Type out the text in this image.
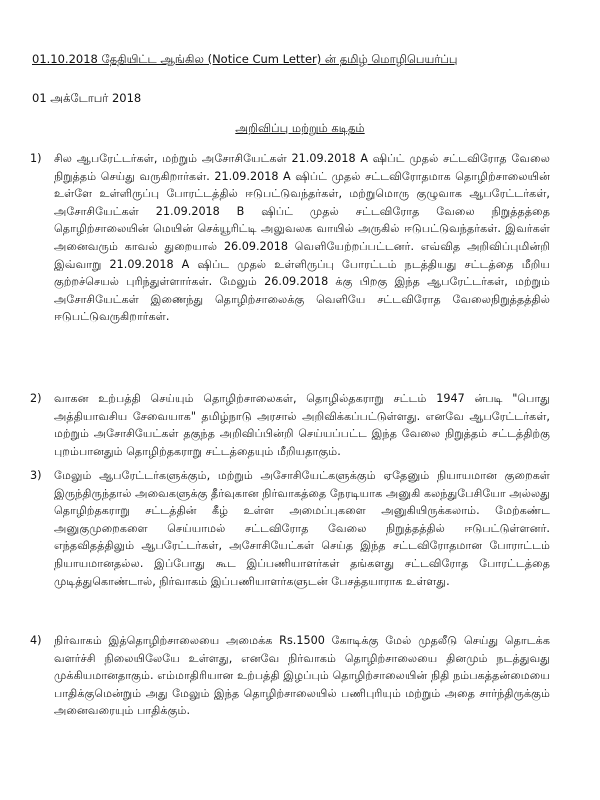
01.10.2018 தேதியிட்ட ஆங்கில (Notice Cum Letter) ன் தமிழ் மொழிபெயர்ப்பு
01 அக்டோபர் 2018
அறிவிப்பு மற்றும் கடிதம்
1) சில ஆபரேட்டர்கள், மற்றும் அசோசியேட்கள் 21.09.2018 A ஷிப்ட் முதல் சட்டவிரோத வேலை நிறுத்தம் செய்து வருகிறார்கள். 21.09.2018 A ஷிப்ட் முதல் சட்டவிரோதமாக தொழிற்சாலையின் உள்ளே உள்ளிருப்பு போரட்டத்தில் ஈடுபட்டுவந்தர்கள், மற்றுமொரு குழுவாக ஆபரேட்டர்கள், அசோசியேட்கள் 21.09.2018 B ஷிப்ட் முதல் சட்டவிரோத வேலை நிறுத்தத்தை தொழிற்சாலையின் மெயின் செக்யூரிட்டி அலுவலக வாயில் அருகில் ஈடுபட்டுவந்தர்கள். இவர்கள் அனைவரும் காவல் துறையால் 26.09.2018 வெளியேற்றப்பட்டனர். எவ்வித அறிவிப்புமின்றி இவ்வாறு 21.09.2018 A ஷிப்ட முதல் உள்ளிருப்பு போரட்டம் நடத்தியது சட்டத்தை மீறிய குற்றச்செயல் புரிந்துள்ளார்கள். மேலும் 26.09.2018 க்கு பிறகு இந்த ஆபரேட்டர்கள், மற்றும் அசோசியேட்கள் இணைந்து தொழிற்சாலைக்கு வெளியே சட்டவிரோத வேலைநிறுத்தத்தில் ஈடுபட்டுவருகிறார்கள்.
2) வாகன உற்பத்தி செய்யும் தொழிற்சாலைகள், தொழில்தகராறு சட்டம் 1947 ன்படி "பொது அத்தியாவசிய சேவையாக" தமிழ்நாடு அரசால் அறிவிக்கப்பட்டுள்ளது. எனவே ஆபரேட்டர்கள், மற்றும் அசோசியேட்கள் தகுந்த அறிவிப்பின்றி செய்யப்பட்ட இந்த வேலை நிறுத்தம் சட்டத்திற்கு புறம்பானதும் தொழிற்தகராறு சட்டத்தையும் மீறியதாகும்.
3) மேலும் ஆபரேட்டர்களுக்கும், மற்றும் அசோசியேட்களுக்கும் ஏதேனும் நியாயமான குறைகள் இருந்திருந்தால் அவைகளுக்கு தீர்வுகான நிர்வாகத்தை நேரடியாக அனுகி கலந்துபேசியோ அல்லது தொழிற்தகராறு சட்டத்தின் கீழ் உள்ள அமைப்புகளை அனுகியிருக்கலாம். மேற்கண்ட அனுகுமுறைகளை செய்யாமல் சட்டவிரோத வேலை நிறுத்தத்தில் ஈடுபட்டுள்ளனர். எந்தவிதத்திலும் ஆபரேட்டர்கள், அசோசியேட்கள் செய்த இந்த சட்டவிரோதமான போராட்டம் நியாயமானதல்ல. இப்போது கூட இப்பணியாளர்கள் தங்களது சட்டவிரோத போரட்டத்தை முடித்துகொண்டால், நிர்வாகம் இப்பணியாளர்களுடன் பேசத்தயாராக உள்ளது.
4) நிர்வாகம் இத்தொழிற்சாலையை அமைக்க Rs.1500 கோடிக்கு மேல் முதலீடு செய்து தொடக்க வளர்ச்சி நிலையிலேயே உள்ளது, எனவே நிர்வாகம் தொழிற்சாலையை தினமும் நடத்துவது முக்கியமானதாகும். எம்மாதிரியான உற்பத்தி இழப்பும் தொழிற்சாலையின் நிதி நம்பகத்தன்மையை பாதிக்குமென்றும் அது மேலும் இந்த தொழிற்சாலையில் பணிபுரியும் மற்றும் அதை சார்ந்திருக்கும் அனைவரையும் பாதிக்கும்.
